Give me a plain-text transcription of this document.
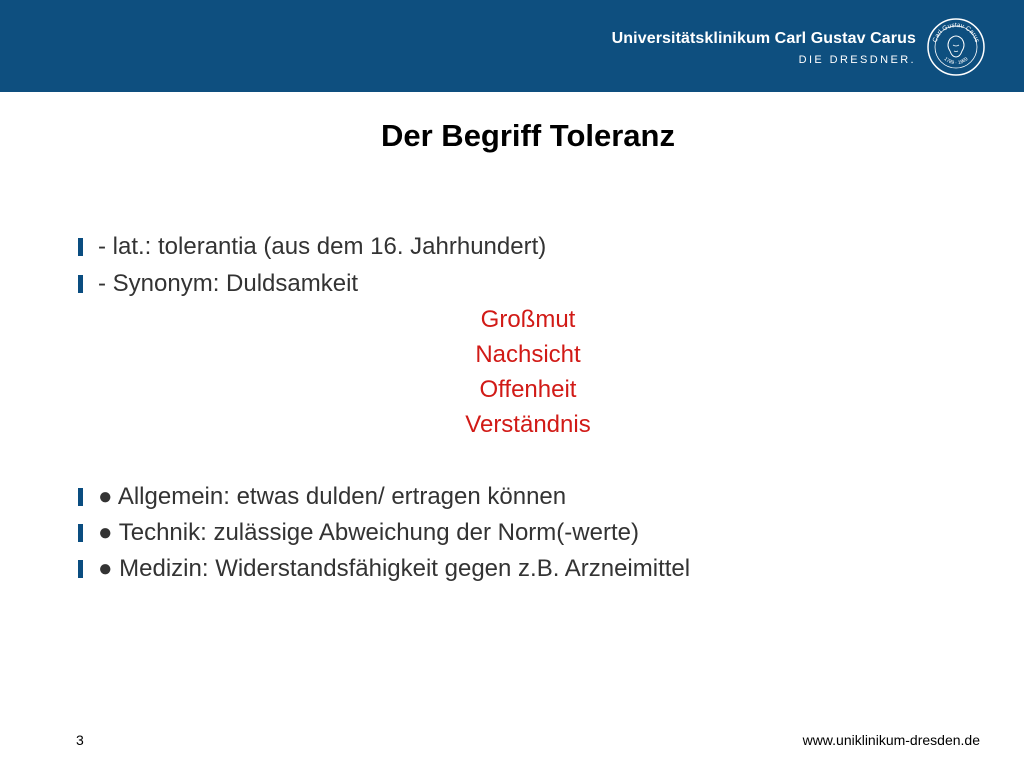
Universitätsklinikum Carl Gustav Carus
DIE DRESDNER.
Carl Gustav Carus
1789 · 1869
Der Begriff Toleranz
- lat.: tolerantia (aus dem 16. Jahrhundert)
- Synonym: Duldsamkeit
Großmut
Nachsicht
Offenheit
Verständnis
● Allgemein: etwas dulden/ ertragen können
● Technik: zulässige Abweichung der Norm(-werte)
● Medizin: Widerstandsfähigkeit gegen z.B. Arzneimittel
3	www.uniklinikum-dresden.de
